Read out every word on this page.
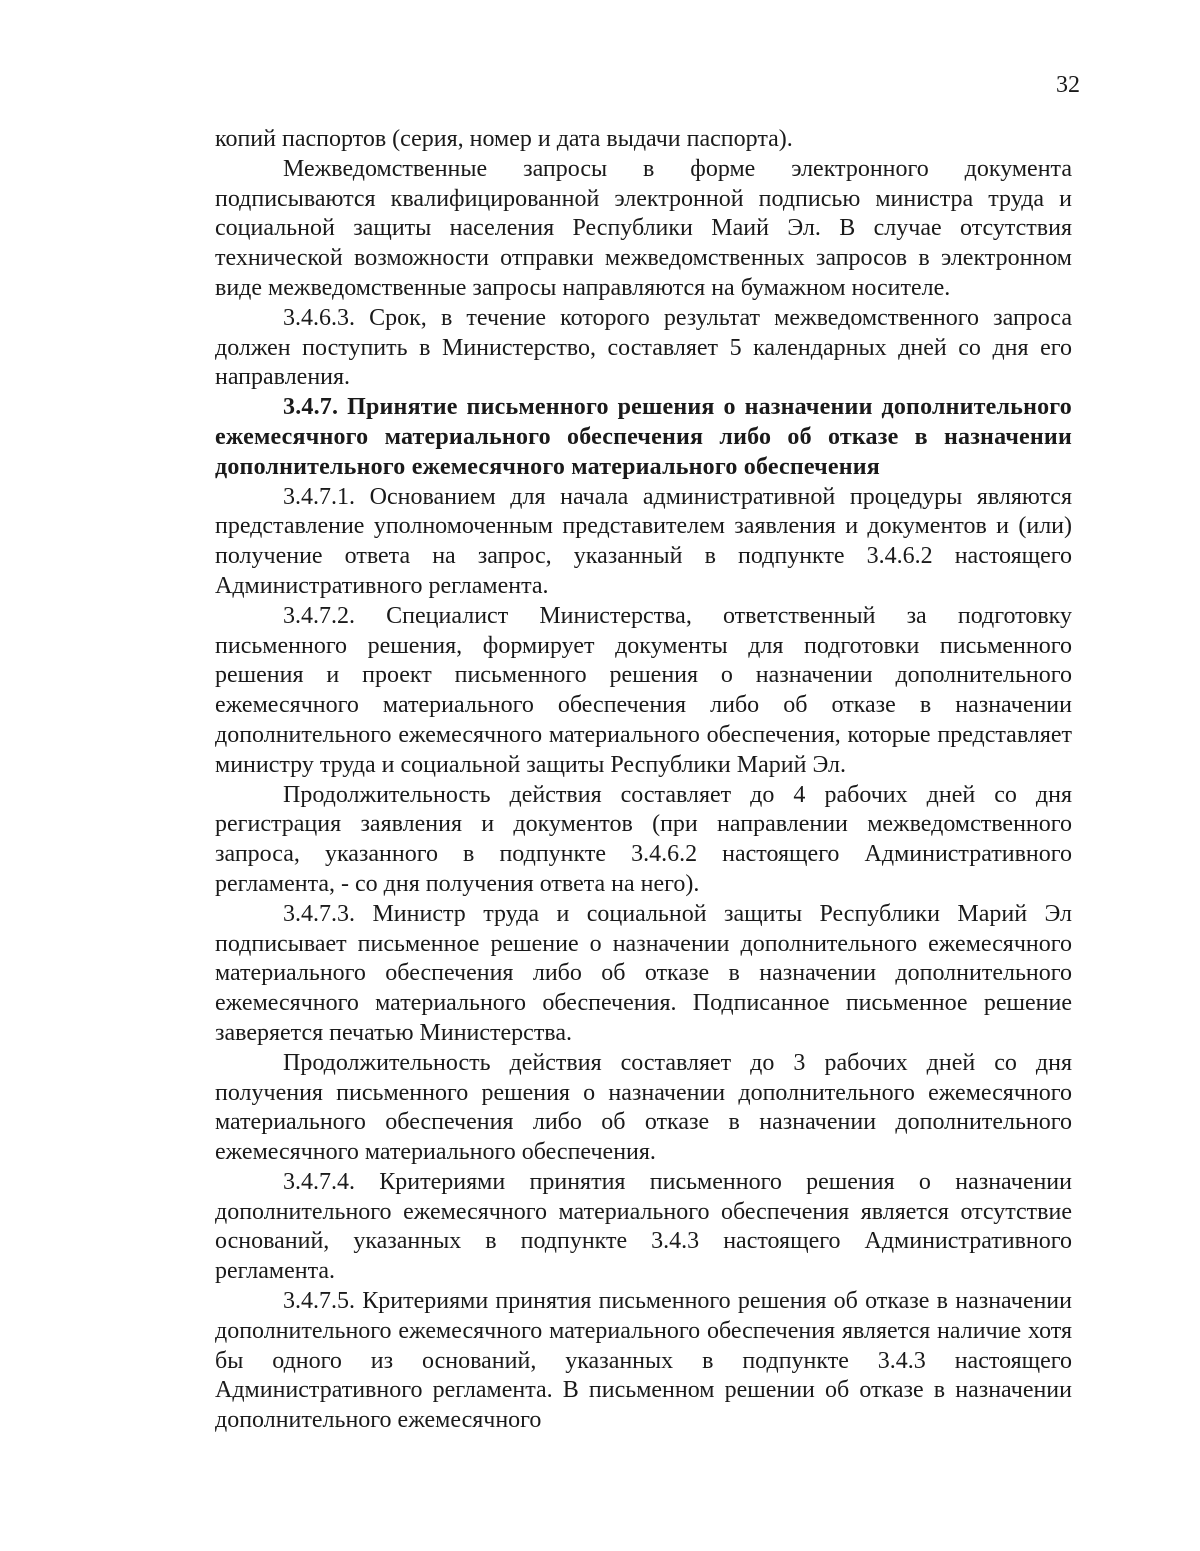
32

копий паспортов (серия, номер и дата выдачи паспорта).

Межведомственные запросы в форме электронного документа подписываются квалифицированной электронной подписью министра труда и социальной защиты населения Республики Маий Эл. В случае отсутствия технической возможности отправки межведомственных запросов в электронном виде межведомственные запросы направляются на бумажном носителе.

3.4.6.3. Срок, в течение которого результат межведомственного запроса должен поступить в Министерство, составляет 5 календарных дней со дня его направления.

3.4.7. Принятие письменного решения о назначении дополнительного ежемесячного материального обеспечения либо об отказе в назначении дополнительного ежемесячного материального обеспечения

3.4.7.1. Основанием для начала административной процедуры являются представление уполномоченным представителем заявления и документов и (или) получение ответа на запрос, указанный в подпункте 3.4.6.2 настоящего Административного регламента.

3.4.7.2. Специалист Министерства, ответственный за подготовку письменного решения, формирует документы для подготовки письменного решения и проект письменного решения о назначении дополнительного ежемесячного материального обеспечения либо об отказе в назначении дополнительного ежемесячного материального обеспечения, которые представляет министру труда и социальной защиты Республики Марий Эл.

Продолжительность действия составляет до 4 рабочих дней со дня регистрация заявления и документов (при направлении межведомственного запроса, указанного в подпункте 3.4.6.2 настоящего Административного регламента, - со дня получения ответа на него).

3.4.7.3. Министр труда и социальной защиты Республики Марий Эл подписывает письменное решение о назначении дополнительного ежемесячного материального обеспечения либо об отказе в назначении дополнительного ежемесячного материального обеспечения. Подписанное письменное решение заверяется печатью Министерства.

Продолжительность действия составляет до 3 рабочих дней со дня получения письменного решения о назначении дополнительного ежемесячного материального обеспечения либо об отказе в назначении дополнительного ежемесячного материального обеспечения.

3.4.7.4. Критериями принятия письменного решения о назначении дополнительного ежемесячного материального обеспечения является отсутствие оснований, указанных в подпункте 3.4.3 настоящего Административного регламента.

3.4.7.5. Критериями принятия письменного решения об отказе в назначении дополнительного ежемесячного материального обеспечения является наличие хотя бы одного из оснований, указанных в подпункте 3.4.3 настоящего Административного регламента. В письменном решении об отказе в назначении дополнительного ежемесячного
